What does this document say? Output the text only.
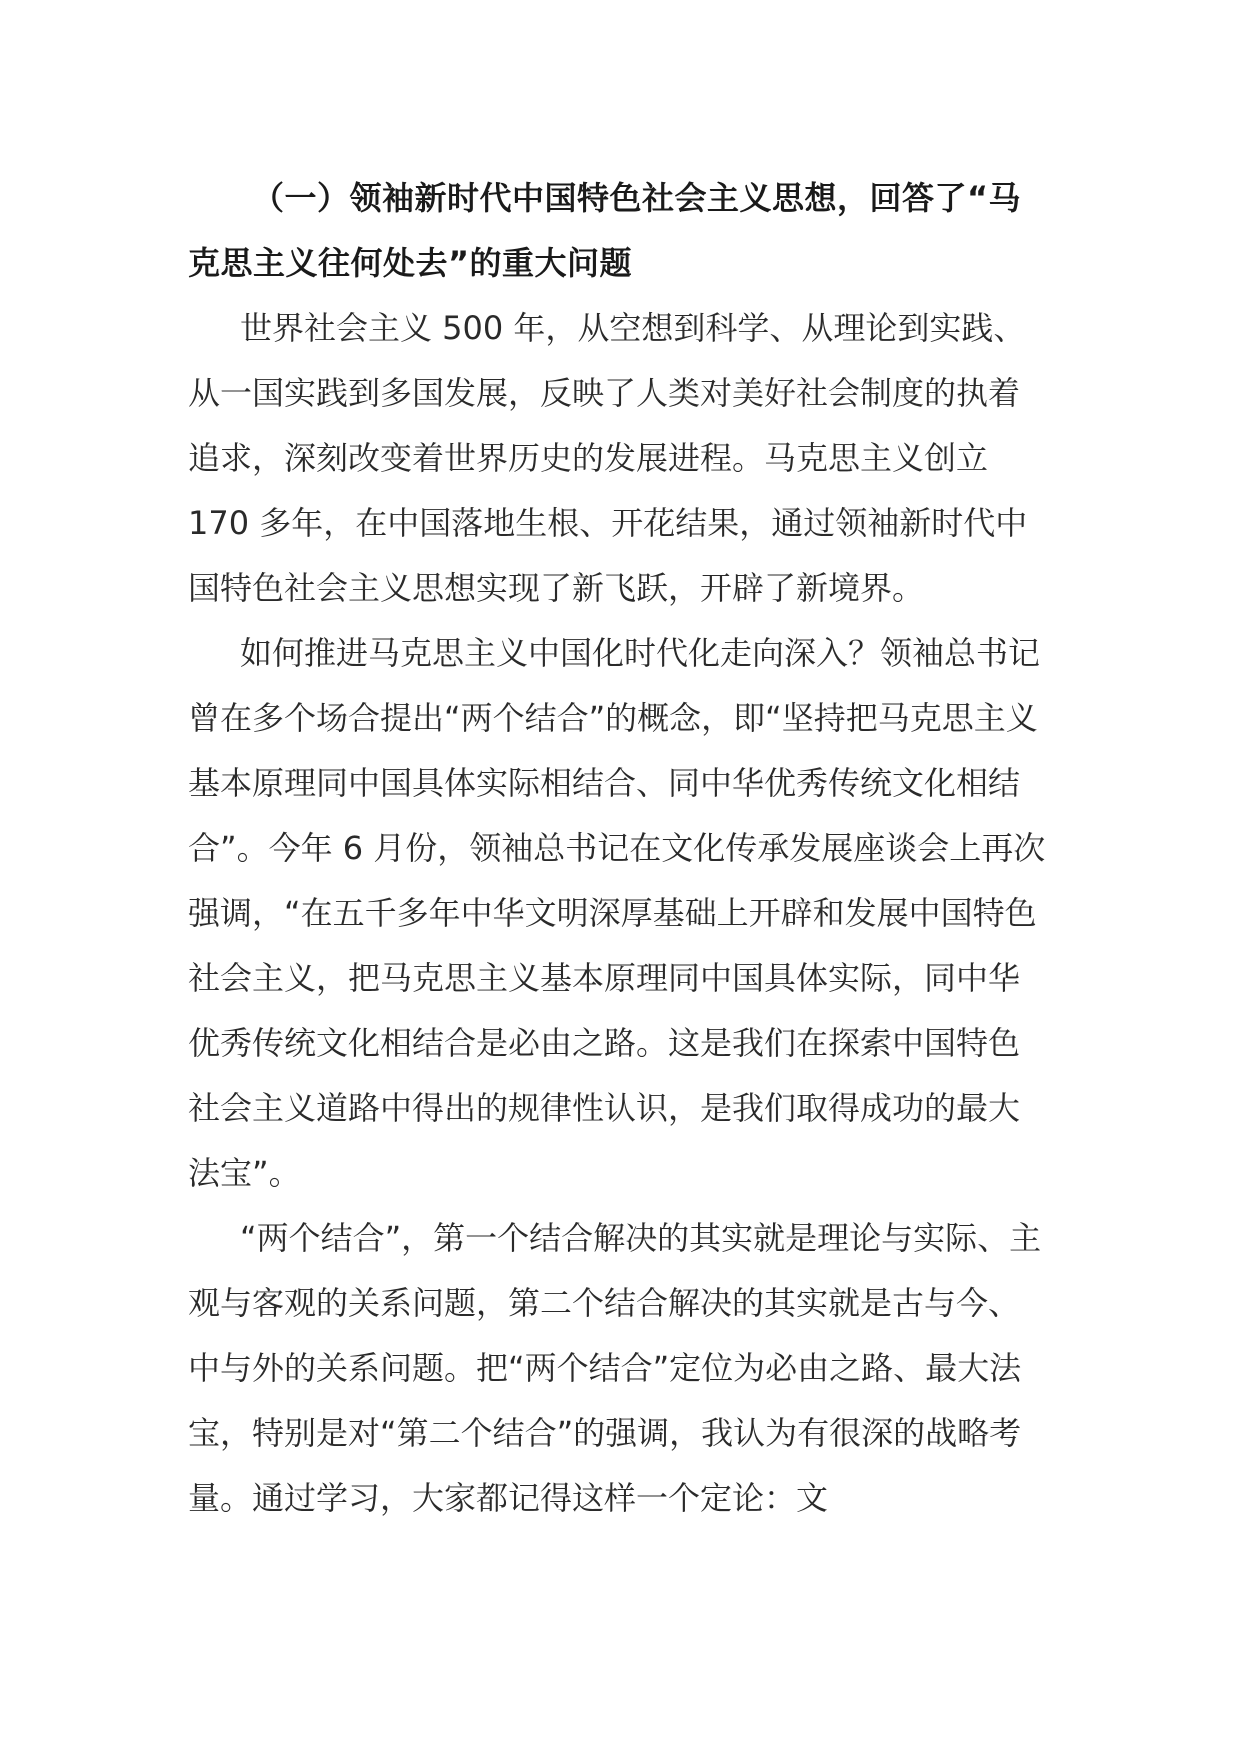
（一）领袖新时代中国特色社会主义思想，回答了“马克思主义往何处去”的重大问题

世界社会主义 500 年，从空想到科学、从理论到实践、从一国实践到多国发展，反映了人类对美好社会制度的执着追求，深刻改变着世界历史的发展进程。马克思主义创立 170 多年，在中国落地生根、开花结果，通过领袖新时代中国特色社会主义思想实现了新飞跃，开辟了新境界。

如何推进马克思主义中国化时代化走向深入？领袖总书记曾在多个场合提出“两个结合”的概念，即“坚持把马克思主义基本原理同中国具体实际相结合、同中华优秀传统文化相结合”。今年 6 月份，领袖总书记在文化传承发展座谈会上再次强调，“在五千多年中华文明深厚基础上开辟和发展中国特色社会主义，把马克思主义基本原理同中国具体实际，同中华优秀传统文化相结合是必由之路。这是我们在探索中国特色社会主义道路中得出的规律性认识，是我们取得成功的最大法宝”。

“两个结合”，第一个结合解决的其实就是理论与实际、主观与客观的关系问题，第二个结合解决的其实就是古与今、中与外的关系问题。把“两个结合”定位为必由之路、最大法宝，特别是对“第二个结合”的强调，我认为有很深的战略考量。通过学习，大家都记得这样一个定论：文
